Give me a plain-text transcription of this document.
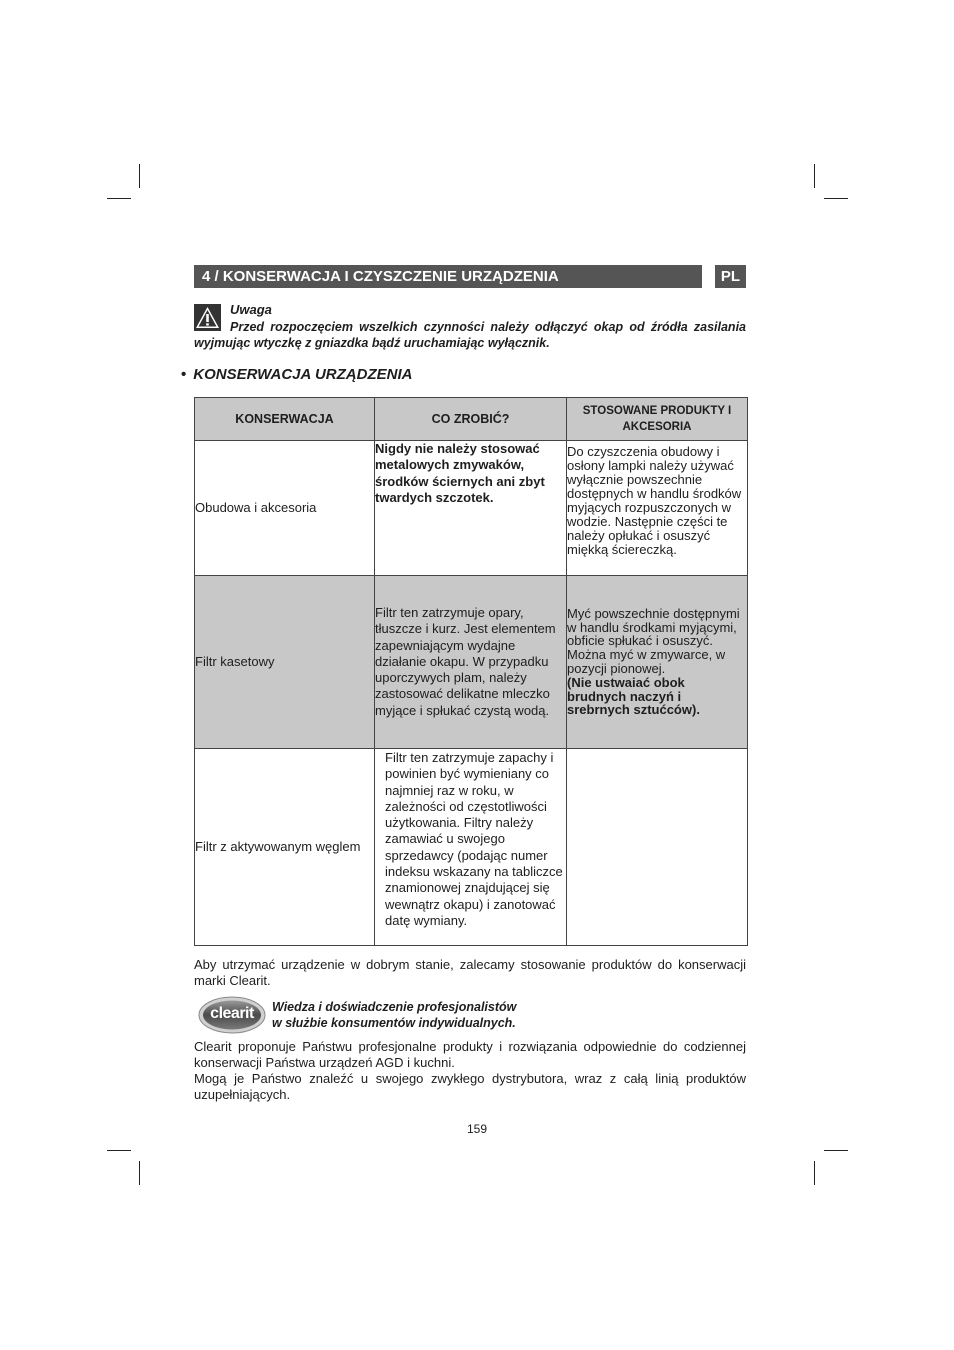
4 / KONSERWACJA I CZYSZCZENIE URZĄDZENIA	PL
Uwaga
Przed rozpoczęciem wszelkich czynności należy odłączyć okap od źródła zasilania wyjmując wtyczkę z gniazdka bądź uruchamiając wyłącznik.
• KONSERWACJA URZĄDZENIA
KONSERWACJA	CO ZROBIĆ?	STOSOWANE PRODUKTY I AKCESORIA
Obudowa i akcesoria	Nigdy nie należy stosować metalowych zmywaków, środków ściernych ani zbyt twardych szczotek.	Do czyszczenia obudowy i osłony lampki należy używać wyłącznie powszechnie dostępnych w handlu środków myjących rozpuszczonych w wodzie. Następnie części te należy opłukać i osuszyć miękką ściereczką.
Filtr kasetowy	Filtr ten zatrzymuje opary, tłuszcze i kurz. Jest elementem zapewniającym wydajne działanie okapu. W przypadku uporczywych plam, należy zastosować delikatne mleczko myjące i spłukać czystą wodą.	Myć powszechnie dostępnymi w handlu środkami myjącymi, obficie spłukać i osuszyć. Można myć w zmywarce, w pozycji pionowej.
(Nie ustwaiać obok brudnych naczyń i srebrnych sztućców).

Filtr z aktywowanym węglem	Filtr ten zatrzymuje zapachy i powinien być wymieniany co najmniej raz w roku, w zależności od częstotliwości użytkowania. Filtry należy zamawiać u swojego sprzedawcy (podając numer indeksu wskazany na tabliczce znamionowej znajdującej się wewnątrz okapu) i zanotować datę wymiany.	
Aby utrzymać urządzenie w dobrym stanie, zalecamy stosowanie produktów do konserwacji marki Clearit.
clearit	Wiedza i doświadczenie profesjonalistów
w służbie konsumentów indywidualnych.
Clearit proponuje Państwu profesjonalne produkty i rozwiązania odpowiednie do codziennej konserwacji Państwa urządzeń AGD i kuchni.
Mogą je Państwo znaleźć u swojego zwykłego dystrybutora, wraz z całą linią produktów uzupełniających.
159
